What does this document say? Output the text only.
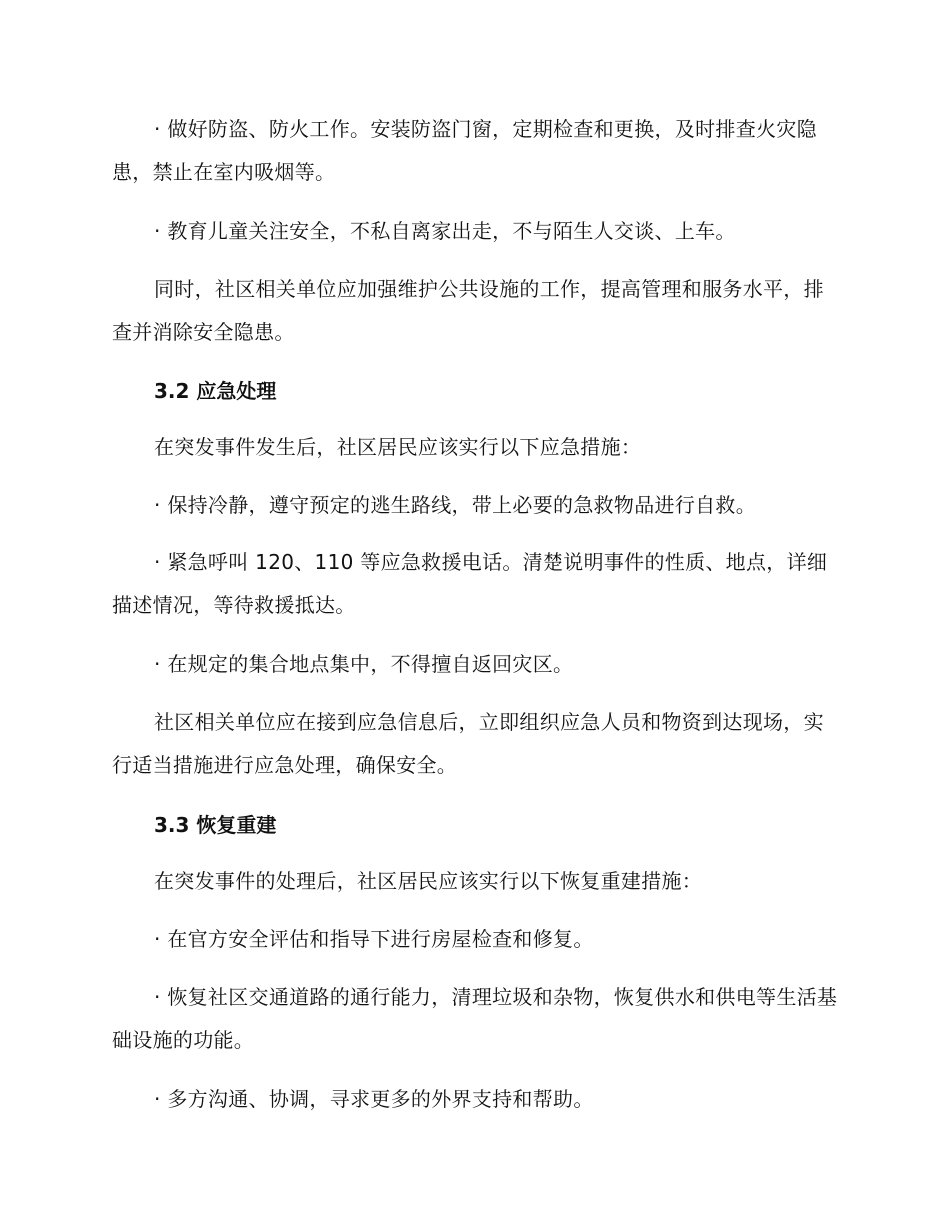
· 做好防盗、防火工作。安装防盗门窗，定期检查和更换，及时排查火灾隐患，禁止在室内吸烟等。

· 教育儿童关注安全，不私自离家出走，不与陌生人交谈、上车。

同时，社区相关单位应加强维护公共设施的工作，提高管理和服务水平，排查并消除安全隐患。

3.2 应急处理

在突发事件发生后，社区居民应该实行以下应急措施：

· 保持冷静，遵守预定的逃生路线，带上必要的急救物品进行自救。

· 紧急呼叫 120、110 等应急救援电话。清楚说明事件的性质、地点，详细描述情况，等待救援抵达。

· 在规定的集合地点集中，不得擅自返回灾区。

社区相关单位应在接到应急信息后，立即组织应急人员和物资到达现场，实行适当措施进行应急处理，确保安全。

3.3 恢复重建

在突发事件的处理后，社区居民应该实行以下恢复重建措施：

· 在官方安全评估和指导下进行房屋检查和修复。

· 恢复社区交通道路的通行能力，清理垃圾和杂物，恢复供水和供电等生活基础设施的功能。

· 多方沟通、协调，寻求更多的外界支持和帮助。
